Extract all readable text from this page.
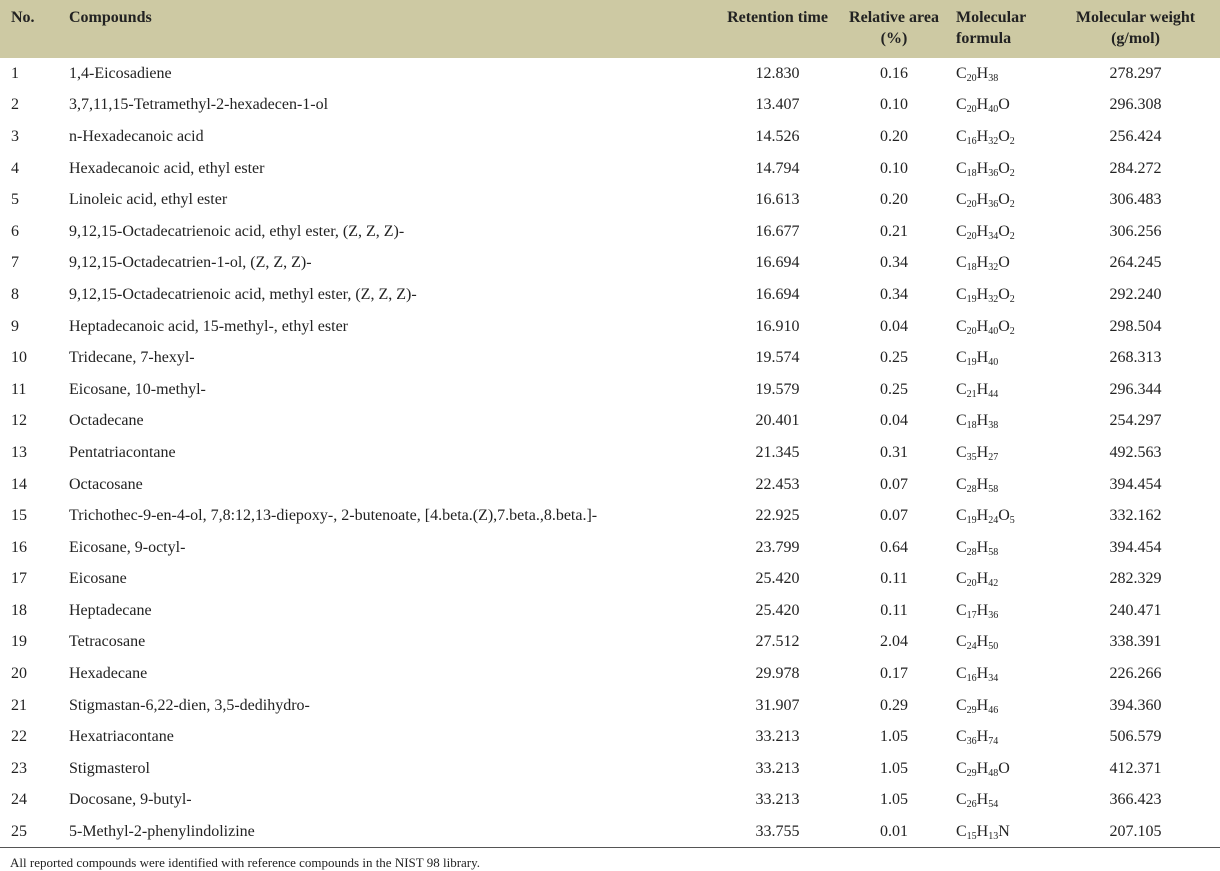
No.	Compounds	Retention time	Relative area (%)	Molecular formula	Molecular weight (g/mol)
1	1,4-Eicosadiene	12.830	0.16	$C_{20}H_{38}$	278.297
2	3,7,11,15-Tetramethyl-2-hexadecen-1-ol	13.407	0.10	$C_{20}H_{40}O$	296.308
3	n-Hexadecanoic acid	14.526	0.20	$C_{16}H_{32}O_2$	256.424
4	Hexadecanoic acid, ethyl ester	14.794	0.10	$C_{18}H_{36}O_2$	284.272
5	Linoleic acid, ethyl ester	16.613	0.20	$C_{20}H_{36}O_2$	306.483
6	9,12,15-Octadecatrienoic acid, ethyl ester, (Z, Z, Z)-	16.677	0.21	$C_{20}H_{34}O_2$	306.256
7	9,12,15-Octadecatrien-1-ol, (Z, Z, Z)-	16.694	0.34	$C_{18}H_{32}O$	264.245
8	9,12,15-Octadecatrienoic acid, methyl ester, (Z, Z, Z)-	16.694	0.34	$C_{19}H_{32}O_2$	292.240
9	Heptadecanoic acid, 15-methyl-, ethyl ester	16.910	0.04	$C_{20}H_{40}O_2$	298.504
10	Tridecane, 7-hexyl-	19.574	0.25	$C_{19}H_{40}$	268.313
11	Eicosane, 10-methyl-	19.579	0.25	$C_{21}H_{44}$	296.344
12	Octadecane	20.401	0.04	$C_{18}H_{38}$	254.297
13	Pentatriacontane	21.345	0.31	$C_{35}H_{27}$	492.563
14	Octacosane	22.453	0.07	$C_{28}H_{58}$	394.454
15	Trichothec-9-en-4-ol, 7,8:12,13-diepoxy-, 2-butenoate, [4.beta.(Z),7.beta.,8.beta.]-	22.925	0.07	$C_{19}H_{24}O_5$	332.162
16	Eicosane, 9-octyl-	23.799	0.64	$C_{28}H_{58}$	394.454
17	Eicosane	25.420	0.11	$C_{20}H_{42}$	282.329
18	Heptadecane	25.420	0.11	$C_{17}H_{36}$	240.471
19	Tetracosane	27.512	2.04	$C_{24}H_{50}$	338.391
20	Hexadecane	29.978	0.17	$C_{16}H_{34}$	226.266
21	Stigmastan-6,22-dien, 3,5-dedihydro-	31.907	0.29	$C_{29}H_{46}$	394.360
22	Hexatriacontane	33.213	1.05	$C_{36}H_{74}$	506.579
23	Stigmasterol	33.213	1.05	$C_{29}H_{48}O$	412.371
24	Docosane, 9-butyl-	33.213	1.05	$C_{26}H_{54}$	366.423
25	5-Methyl-2-phenylindolizine	33.755	0.01	$C_{15}H_{13}N$	207.105
All reported compounds were identified with reference compounds in the NIST 98 library.
